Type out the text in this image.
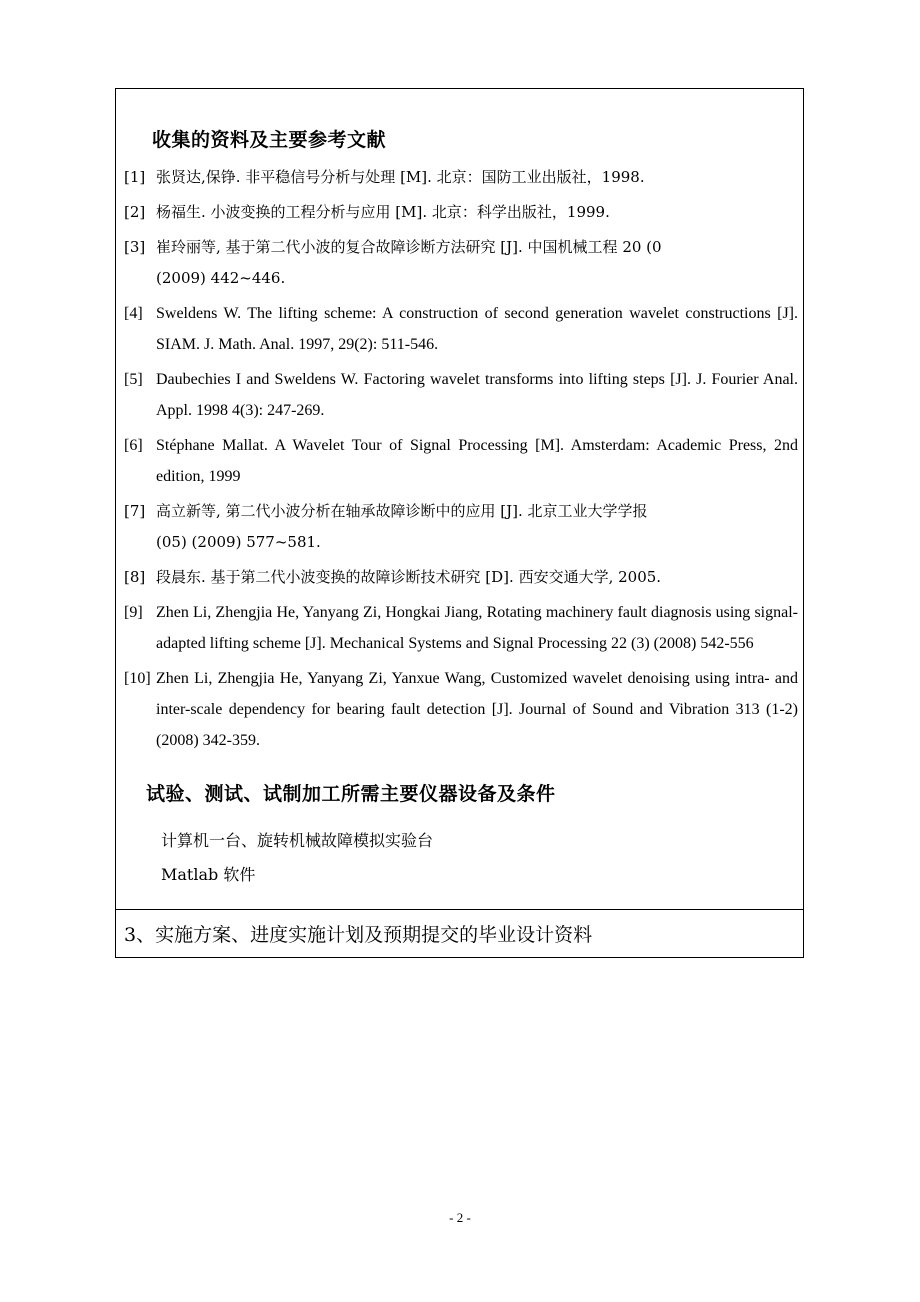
收集的资料及主要参考文献
[1] 张贤达,保铮. 非平稳信号分析与处理 [M]. 北京：国防工业出版社，1998.
[2] 杨福生. 小波变换的工程分析与应用 [M]. 北京：科学出版社，1999.
[3] 崔玲丽等, 基于第二代小波的复合故障诊断方法研究 [J]. 中国机械工程 20 (0
(2009) 442~446.
[4] Sweldens W. The lifting scheme: A construction of second generation wavelet constructions [J]. SIAM. J. Math. Anal. 1997, 29(2): 511-546.
[5] Daubechies I and Sweldens W. Factoring wavelet transforms into lifting steps [J]. J. Fourier Anal. Appl. 1998 4(3): 247-269.
[6] Stéphane Mallat. A Wavelet Tour of Signal Processing [M]. Amsterdam: Academic Press, 2nd edition, 1999
[7] 高立新等, 第二代小波分析在轴承故障诊断中的应用 [J]. 北京工业大学学报
(05) (2009) 577~581.
[8] 段晨东. 基于第二代小波变换的故障诊断技术研究 [D]. 西安交通大学, 2005.
[9] Zhen Li, Zhengjia He, Yanyang Zi, Hongkai Jiang, Rotating machinery fault diagnosis using signal-adapted lifting scheme [J]. Mechanical Systems and Signal Processing 22 (3) (2008) 542-556
[10] Zhen Li, Zhengjia He, Yanyang Zi, Yanxue Wang, Customized wavelet denoising using intra- and inter-scale dependency for bearing fault detection [J]. Journal of Sound and Vibration 313 (1-2) (2008) 342-359.
试验、测试、试制加工所需主要仪器设备及条件
计算机一台、旋转机械故障模拟实验台
Matlab 软件
3、实施方案、进度实施计划及预期提交的毕业设计资料
- 2 -
